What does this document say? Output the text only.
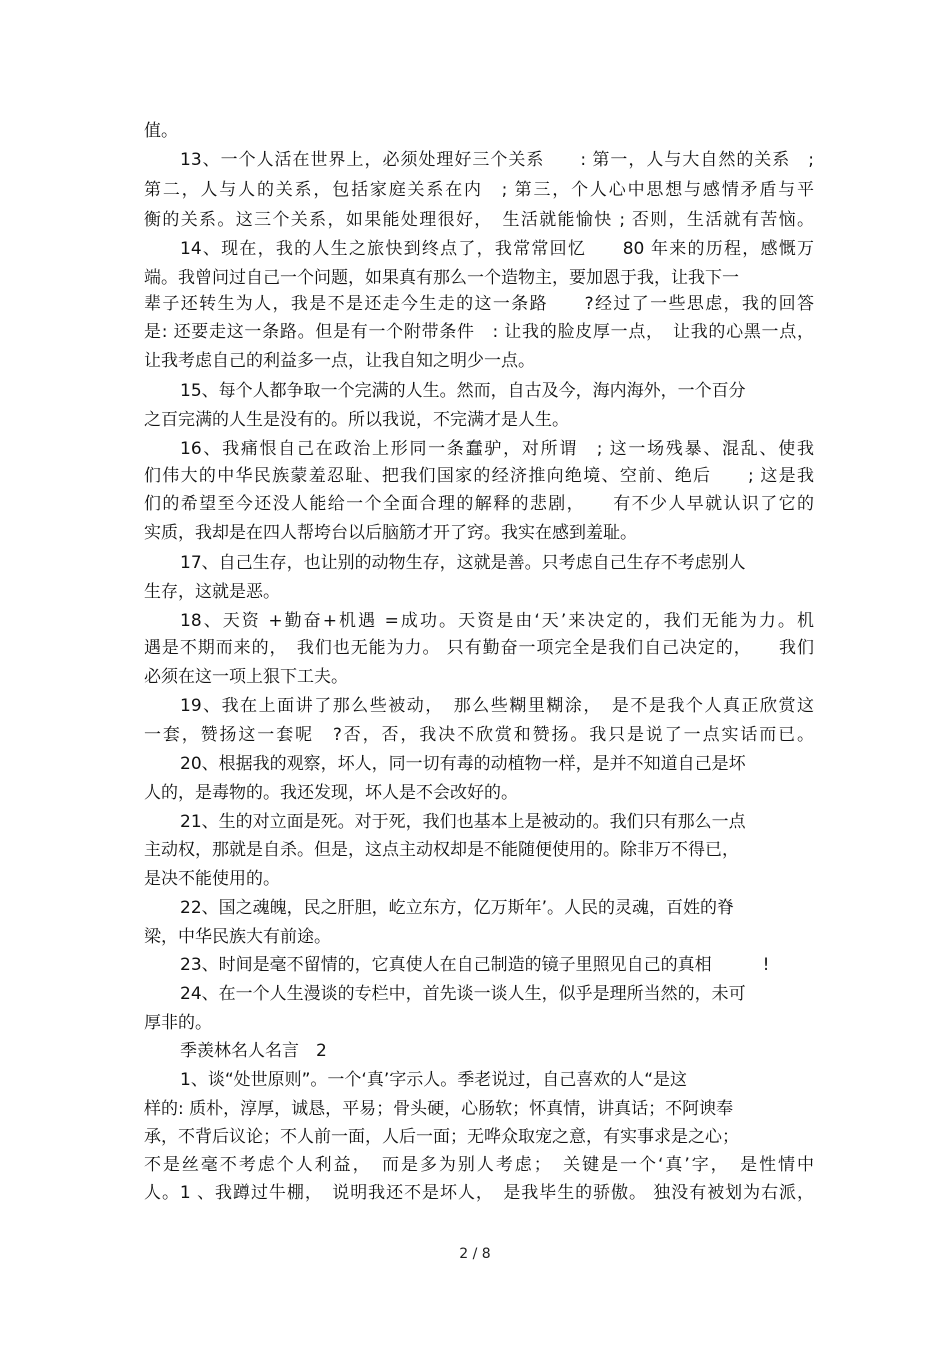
值。
13、一个人活在世界上，必须处理好三个关系　　: 第一，人与大自然的关系　;
第二，人与人的关系，包括家庭关系在内　; 第三，个人心中思想与感情矛盾与平
衡的关系。这三个关系，如果能处理很好，　生活就能愉快 ; 否则，生活就有苦恼。
14、现在，我的人生之旅快到终点了，我常常回忆　　80 年来的历程，感慨万
端。我曾问过自己一个问题，如果真有那么一个造物主，要加恩于我，让我下一
辈子还转生为人，我是不是还走今生走的这一条路　　?经过了一些思虑，我的回答
是: 还要走这一条路。但是有一个附带条件　: 让我的脸皮厚一点，　让我的心黑一点，
让我考虑自己的利益多一点，让我自知之明少一点。
15、每个人都争取一个完满的人生。然而，自古及今，海内海外，一个百分
之百完满的人生是没有的。所以我说，不完满才是人生。
16、我痛恨自己在政治上形同一条蠢驴，对所谓　; 这一场残暴、混乱、使我
们伟大的中华民族蒙羞忍耻、把我们国家的经济推向绝境、空前、绝后　　; 这是我
们的希望至今还没人能给一个全面合理的解释的悲剧，　　有不少人早就认识了它的
实质，我却是在四人帮垮台以后脑筋才开了窍。我实在感到羞耻。
17、自己生存，也让别的动物生存，这就是善。只考虑自己生存不考虑别人
生存，这就是恶。
18、天资 +勤奋+机遇 =成功。天资是由‘天’来决定的，我们无能为力。机
遇是不期而来的，　我们也无能为力。 只有勤奋一项完全是我们自己决定的，　　我们
必须在这一项上狠下工夫。
19、我在上面讲了那么些被动，　那么些糊里糊涂，　是不是我个人真正欣赏这
一套，赞扬这一套呢　?否，否，我决不欣赏和赞扬。我只是说了一点实话而已。
20、根据我的观察，坏人，同一切有毒的动植物一样，是并不知道自己是坏
人的，是毒物的。我还发现，坏人是不会改好的。
21、生的对立面是死。对于死，我们也基本上是被动的。我们只有那么一点
主动权，那就是自杀。但是，这点主动权却是不能随便使用的。除非万不得已，
是决不能使用的。
22、国之魂魄，民之肝胆，屹立东方，亿万斯年’。人民的灵魂，百姓的脊
梁，中华民族大有前途。
23、时间是毫不留情的，它真使人在自己制造的镜子里照见自己的真相　　　!
24、在一个人生漫谈的专栏中，首先谈一谈人生，似乎是理所当然的，未可
厚非的。
季羡林名人名言　2
1、谈“处世原则”。一个‘真’字示人。季老说过，自己喜欢的人“是这
样的: 质朴，淳厚，诚恳，平易；骨头硬，心肠软；怀真情，讲真话；不阿谀奉
承，不背后议论；不人前一面，人后一面；无哗众取宠之意，有实事求是之心；
不是丝毫不考虑个人利益，　而是多为别人考虑；　关键是一个‘真’字，　是性情中
人。1 、我蹲过牛棚，　说明我还不是坏人，　是我毕生的骄傲。 独没有被划为右派，
2 / 8
